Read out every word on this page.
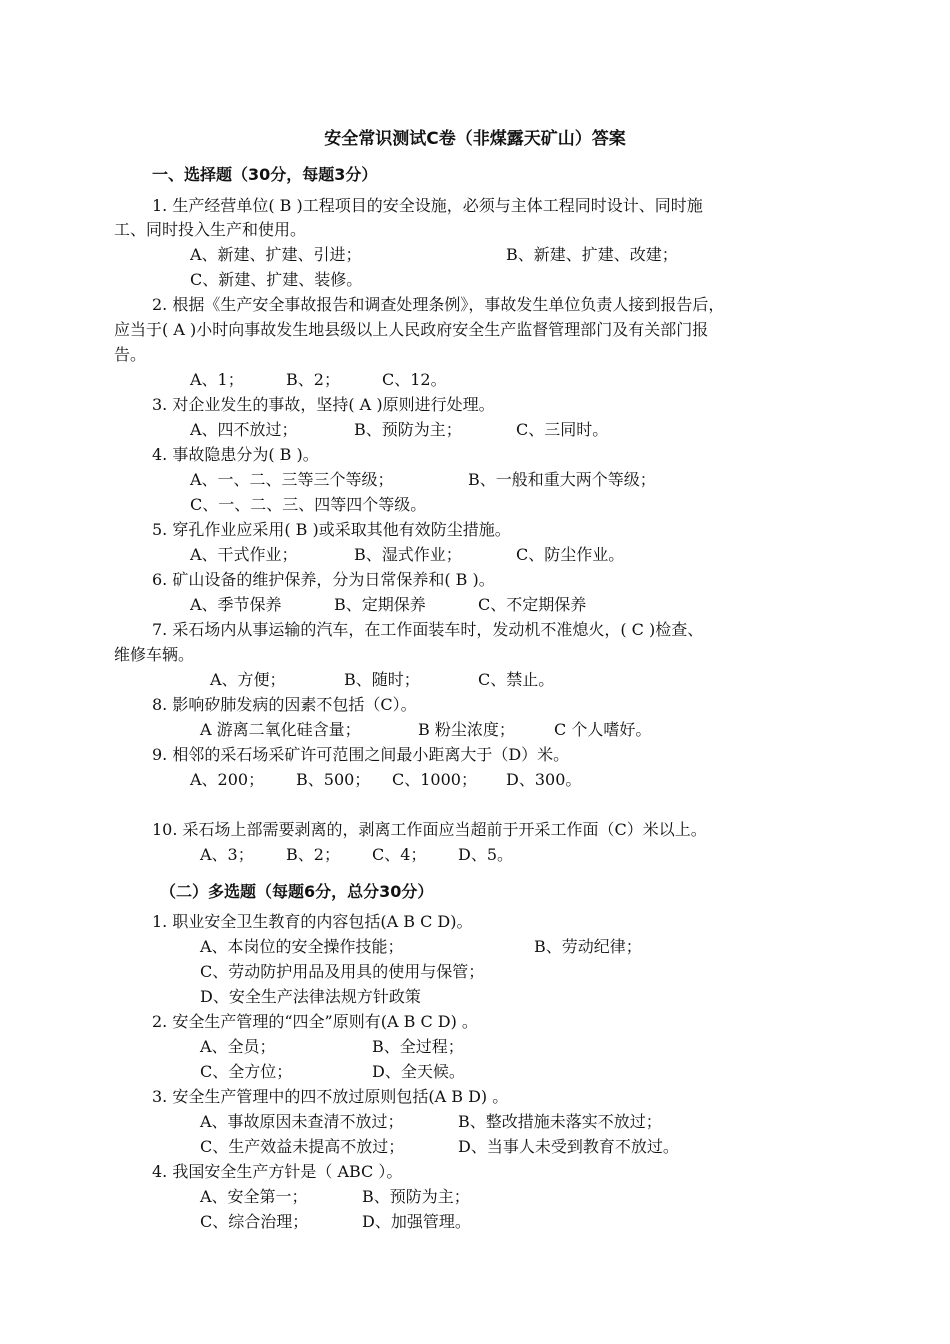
安全常识测试C卷（非煤露天矿山）答案
一、选择题（30分，每题3分）
1. 生产经营单位( B )工程项目的安全设施，必须与主体工程同时设计、同时施
工、同时投入生产和使用。
A、新建、扩建、引进；	B、新建、扩建、改建；
C、新建、扩建、装修。
2. 根据《生产安全事故报告和调查处理条例》，事故发生单位负责人接到报告后，
应当于( A )小时向事故发生地县级以上人民政府安全生产监督管理部门及有关部门报
告。
A、1；	B、2；	C、12。
3. 对企业发生的事故，坚持( A )原则进行处理。
A、四不放过；	B、预防为主；	C、三同时。
4. 事故隐患分为( B )。
A、一、二、三等三个等级；	B、一般和重大两个等级；
C、一、二、三、四等四个等级。
5. 穿孔作业应采用( B )或采取其他有效防尘措施。
A、干式作业；	B、湿式作业；	C、防尘作业。
6. 矿山设备的维护保养，分为日常保养和( B )。
A、季节保养	B、定期保养	C、不定期保养
7. 采石场内从事运输的汽车，在工作面装车时，发动机不准熄火，( C )检查、
维修车辆。
A、方便；	B、随时；	C、禁止。
8. 影响矽肺发病的因素不包括（C）。
A 游离二氧化硅含量；	B 粉尘浓度； C 个人嗜好。
9. 相邻的采石场采矿许可范围之间最小距离大于（D）米。
A、200； B、500； C、1000； D、300。
10. 采石场上部需要剥离的，剥离工作面应当超前于开采工作面（C）米以上。
A、3； B、2； C、4； D、5。
（二）多选题（每题6分，总分30分）
1. 职业安全卫生教育的内容包括(A B C D)。
A、本岗位的安全操作技能；	B、劳动纪律；
C、劳动防护用品及用具的使用与保管；
D、安全生产法律法规方针政策
2. 安全生产管理的“四全”原则有(A B C D) 。
A、全员；	B、全过程；
C、全方位；	D、全天候。
3. 安全生产管理中的四不放过原则包括(A B D) 。
A、事故原因未查清不放过；	B、整改措施未落实不放过；
C、生产效益未提高不放过；	D、当事人未受到教育不放过。
4. 我国安全生产方针是（ ABC ）。
A、安全第一；	B、预防为主；
C、综合治理；	D、加强管理。
